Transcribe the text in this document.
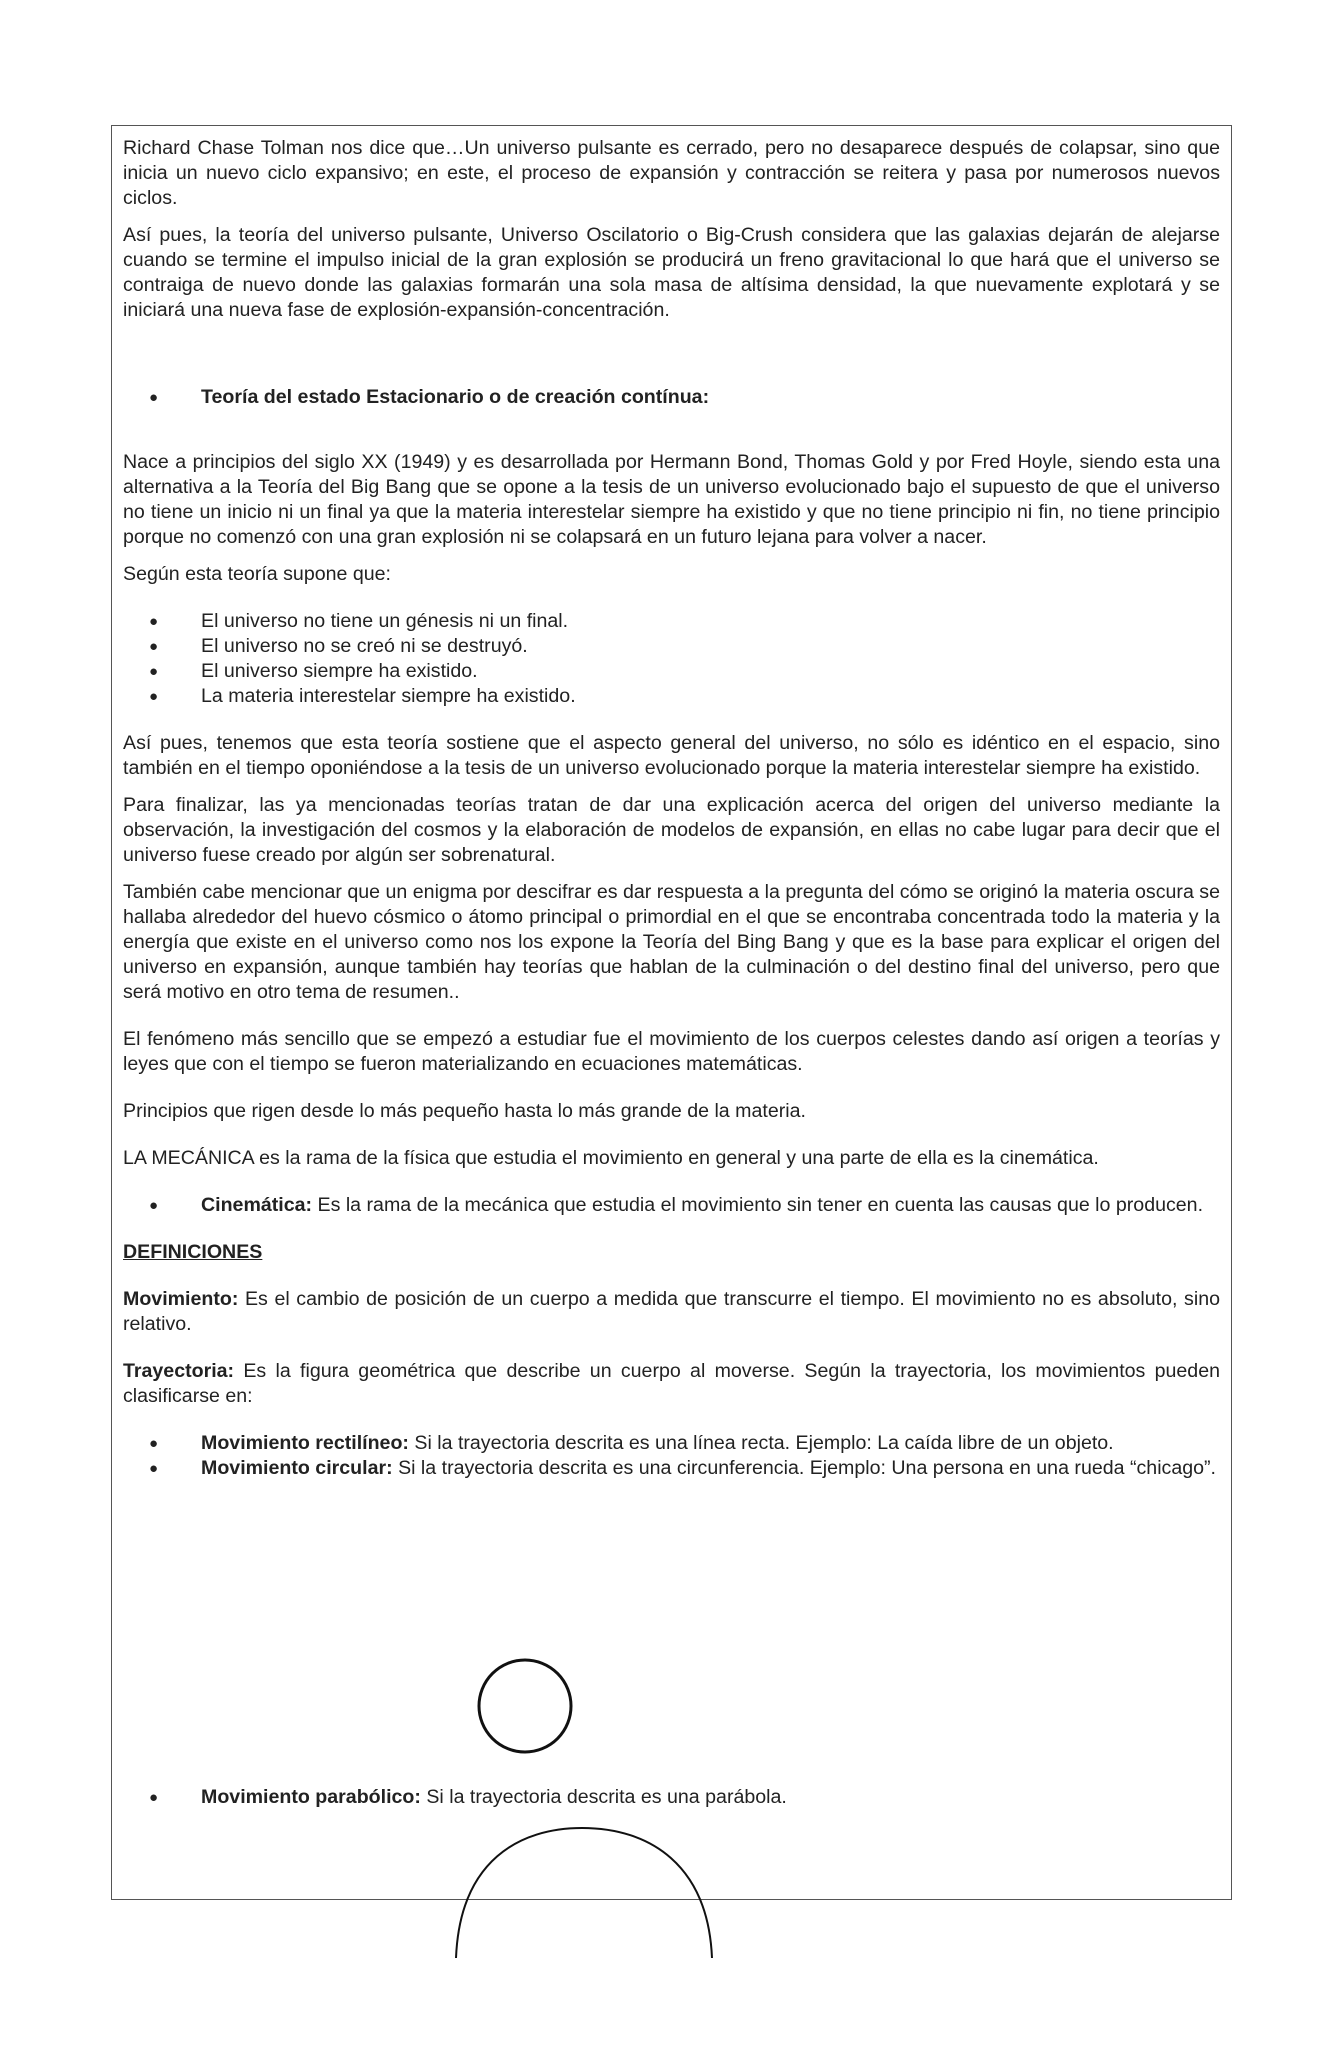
Richard Chase Tolman nos dice que…Un universo pulsante es cerrado, pero no desaparece después de colapsar, sino que inicia un nuevo ciclo expansivo; en este, el proceso de expansión y contracción se reitera y pasa por numerosos nuevos ciclos.

Así pues, la teoría del universo pulsante, Universo Oscilatorio o Big-Crush considera que las galaxias dejarán de alejarse cuando se termine el impulso inicial de la gran explosión se producirá un freno gravitacional lo que hará que el universo se contraiga de nuevo donde las galaxias formarán una sola masa de altísima densidad, la que nuevamente explotará y se iniciará una nueva fase de explosión-expansión-concentración.

● Teoría del estado Estacionario o de creación contínua:

Nace a principios del siglo XX (1949) y es desarrollada por Hermann Bond, Thomas Gold y por Fred Hoyle, siendo esta una alternativa a la Teoría del Big Bang que se opone a la tesis de un universo evolucionado bajo el supuesto de que el universo no tiene un inicio ni un final ya que la materia interestelar siempre ha existido y que no tiene principio ni fin, no tiene principio porque no comenzó con una gran explosión ni se colapsará en un futuro lejana para volver a nacer.

Según esta teoría supone que:

● El universo no tiene un génesis ni un final.
● El universo no se creó ni se destruyó.
● El universo siempre ha existido.
● La materia interestelar siempre ha existido.

Así pues, tenemos que esta teoría sostiene que el aspecto general del universo, no sólo es idéntico en el espacio, sino también en el tiempo oponiéndose a la tesis de un universo evolucionado porque la materia interestelar siempre ha existido.

Para finalizar, las ya mencionadas teorías tratan de dar una explicación acerca del origen del universo mediante la observación, la investigación del cosmos y la elaboración de modelos de expansión, en ellas no cabe lugar para decir que el universo fuese creado por algún ser sobrenatural.

También cabe mencionar que un enigma por descifrar es dar respuesta a la pregunta del cómo se originó la materia oscura se hallaba alrededor del huevo cósmico o átomo principal o primordial en el que se encontraba concentrada todo la materia y la energía que existe en el universo como nos los expone la Teoría del Bing Bang y que es la base para explicar el origen del universo en expansión, aunque también hay teorías que hablan de la culminación o del destino final del universo, pero que será motivo en otro tema de resumen..

El fenómeno más sencillo que se empezó a estudiar fue el movimiento de los cuerpos celestes dando así origen a teorías y leyes que con el tiempo se fueron materializando en ecuaciones matemáticas.

Principios que rigen desde lo más pequeño hasta lo más grande de la materia.

LA MECÁNICA es la rama de la física que estudia el movimiento en general y una parte de ella es la cinemática.

● Cinemática: Es la rama de la mecánica que estudia el movimiento sin tener en cuenta las causas que lo producen.

DEFINICIONES

Movimiento: Es el cambio de posición de un cuerpo a medida que transcurre el tiempo. El movimiento no es absoluto, sino relativo.

Trayectoria: Es la figura geométrica que describe un cuerpo al moverse. Según la trayectoria, los movimientos pueden clasificarse en:

● Movimiento rectilíneo: Si la trayectoria descrita es una línea recta. Ejemplo: La caída libre de un objeto.
● Movimiento circular: Si la trayectoria descrita es una circunferencia. Ejemplo: Una persona en una rueda “chicago”.
● Movimiento parabólico: Si la trayectoria descrita es una parábola.
